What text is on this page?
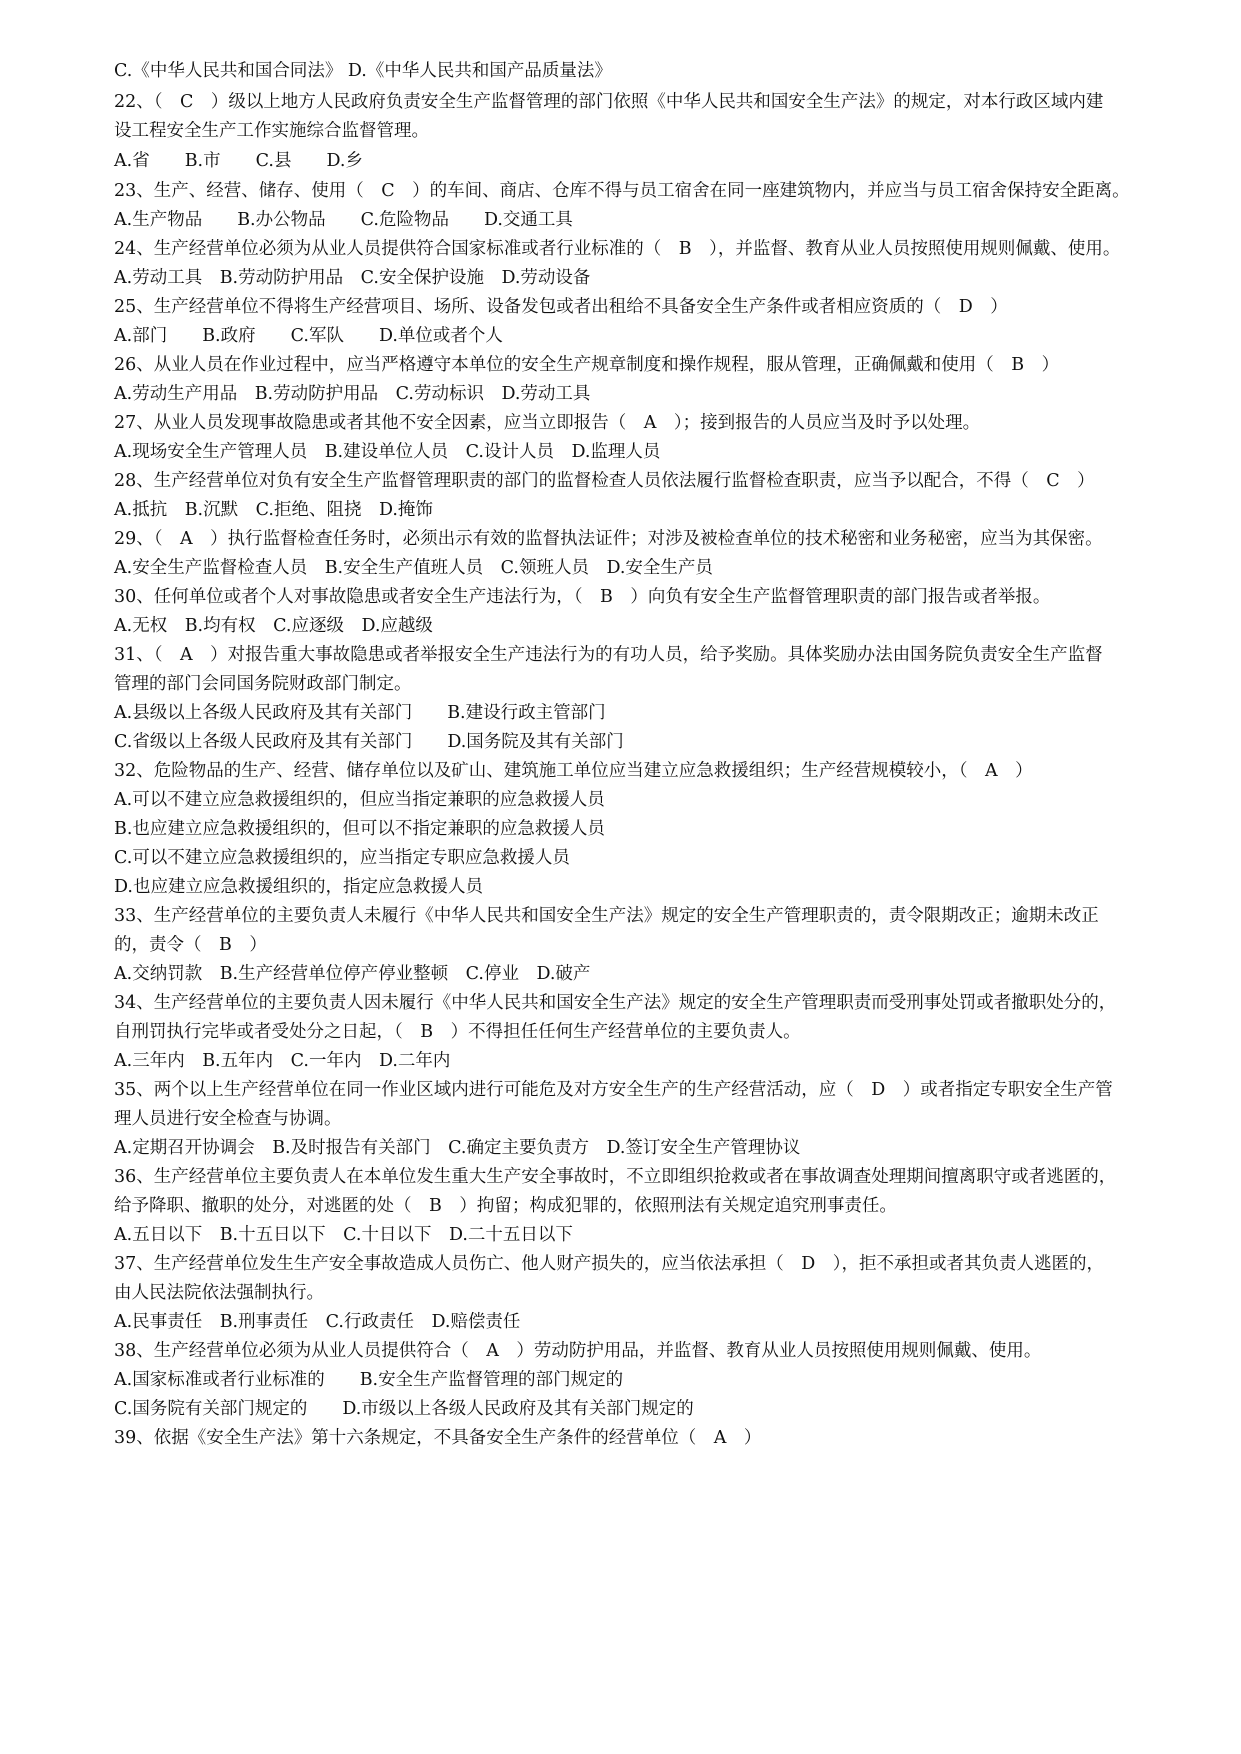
C.《中华人民共和国合同法》 D.《中华人民共和国产品质量法》
22、（　C　）级以上地方人民政府负责安全生产监督管理的部门依照《中华人民共和国安全生产法》的规定，对本行政区域内建
设工程安全生产工作实施综合监督管理。
A.省　　B.市　　C.县　　D.乡
23、生产、经营、储存、使用（　C　）的车间、商店、仓库不得与员工宿舍在同一座建筑物内，并应当与员工宿舍保持安全距离。
A.生产物品　　B.办公物品　　C.危险物品　　D.交通工具
24、生产经营单位必须为从业人员提供符合国家标准或者行业标准的（　B　），并监督、教育从业人员按照使用规则佩戴、使用。
A.劳动工具　B.劳动防护用品　C.安全保护设施　D.劳动设备
25、生产经营单位不得将生产经营项目、场所、设备发包或者出租给不具备安全生产条件或者相应资质的（　D　）
A.部门　　B.政府　　C.军队　　D.单位或者个人
26、从业人员在作业过程中，应当严格遵守本单位的安全生产规章制度和操作规程，服从管理，正确佩戴和使用（　B　）
A.劳动生产用品　B.劳动防护用品　C.劳动标识　D.劳动工具
27、从业人员发现事故隐患或者其他不安全因素，应当立即报告（　A　）；接到报告的人员应当及时予以处理。
A.现场安全生产管理人员　B.建设单位人员　C.设计人员　D.监理人员
28、生产经营单位对负有安全生产监督管理职责的部门的监督检查人员依法履行监督检查职责，应当予以配合，不得（　C　）
A.抵抗　B.沉默　C.拒绝、阻挠　D.掩饰
29、（　A　）执行监督检查任务时，必须出示有效的监督执法证件；对涉及被检查单位的技术秘密和业务秘密，应当为其保密。
A.安全生产监督检查人员　B.安全生产值班人员　C.领班人员　D.安全生产员
30、任何单位或者个人对事故隐患或者安全生产违法行为，（　B　）向负有安全生产监督管理职责的部门报告或者举报。
A.无权　B.均有权　C.应逐级　D.应越级
31、（　A　）对报告重大事故隐患或者举报安全生产违法行为的有功人员，给予奖励。具体奖励办法由国务院负责安全生产监督
管理的部门会同国务院财政部门制定。
A.县级以上各级人民政府及其有关部门　　B.建设行政主管部门
C.省级以上各级人民政府及其有关部门　　D.国务院及其有关部门
32、危险物品的生产、经营、储存单位以及矿山、建筑施工单位应当建立应急救援组织；生产经营规模较小，（　A　）
A.可以不建立应急救援组织的，但应当指定兼职的应急救援人员
B.也应建立应急救援组织的，但可以不指定兼职的应急救援人员
C.可以不建立应急救援组织的，应当指定专职应急救援人员
D.也应建立应急救援组织的，指定应急救援人员
33、生产经营单位的主要负责人未履行《中华人民共和国安全生产法》规定的安全生产管理职责的，责令限期改正；逾期未改正
的，责令（　B　）
A.交纳罚款　B.生产经营单位停产停业整顿　C.停业　D.破产
34、生产经营单位的主要负责人因未履行《中华人民共和国安全生产法》规定的安全生产管理职责而受刑事处罚或者撤职处分的，
自刑罚执行完毕或者受处分之日起，（　B　）不得担任任何生产经营单位的主要负责人。
A.三年内　B.五年内　C.一年内　D.二年内
35、两个以上生产经营单位在同一作业区域内进行可能危及对方安全生产的生产经营活动，应（　D　）或者指定专职安全生产管
理人员进行安全检查与协调。
A.定期召开协调会　B.及时报告有关部门　C.确定主要负责方　D.签订安全生产管理协议
36、生产经营单位主要负责人在本单位发生重大生产安全事故时，不立即组织抢救或者在事故调查处理期间擅离职守或者逃匿的，
给予降职、撤职的处分，对逃匿的处（　B　）拘留；构成犯罪的，依照刑法有关规定追究刑事责任。
A.五日以下　B.十五日以下　C.十日以下　D.二十五日以下
37、生产经营单位发生生产安全事故造成人员伤亡、他人财产损失的，应当依法承担（　D　），拒不承担或者其负责人逃匿的，
由人民法院依法强制执行。
A.民事责任　B.刑事责任　C.行政责任　D.赔偿责任
38、生产经营单位必须为从业人员提供符合（　A　）劳动防护用品，并监督、教育从业人员按照使用规则佩戴、使用。
A.国家标准或者行业标准的　　B.安全生产监督管理的部门规定的
C.国务院有关部门规定的　　D.市级以上各级人民政府及其有关部门规定的
39、依据《安全生产法》第十六条规定，不具备安全生产条件的经营单位（　A　）
